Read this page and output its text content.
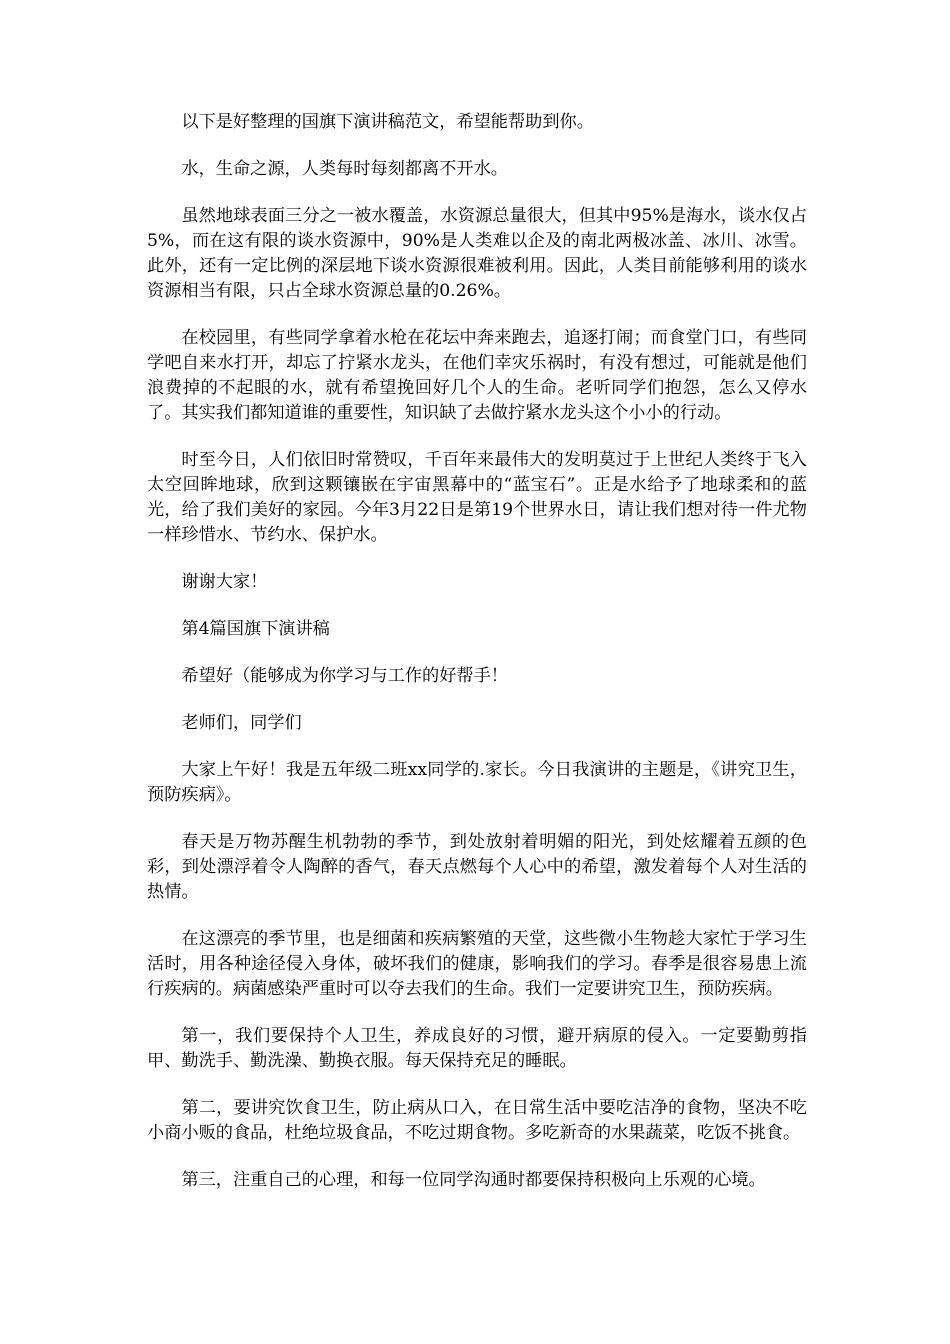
以下是好整理的国旗下演讲稿范文，希望能帮助到你。

水，生命之源，人类每时每刻都离不开水。

虽然地球表面三分之一被水覆盖，水资源总量很大，但其中95%是海水，谈水仅占5%，而在这有限的谈水资源中，90%是人类难以企及的南北两极冰盖、冰川、冰雪。此外，还有一定比例的深层地下谈水资源很难被利用。因此，人类目前能够利用的谈水资源相当有限，只占全球水资源总量的0.26%。

在校园里，有些同学拿着水枪在花坛中奔来跑去，追逐打闹；而食堂门口，有些同学吧自来水打开，却忘了拧紧水龙头，在他们幸灾乐祸时，有没有想过，可能就是他们浪费掉的不起眼的水，就有希望挽回好几个人的生命。老听同学们抱怨，怎么又停水了。其实我们都知道谁的重要性，知识缺了去做拧紧水龙头这个小小的行动。

时至今日，人们依旧时常赞叹，千百年来最伟大的发明莫过于上世纪人类终于飞入太空回眸地球，欣到这颗镶嵌在宇宙黑幕中的“蓝宝石”。正是水给予了地球柔和的蓝光，给了我们美好的家园。今年3月22日是第19个世界水日，请让我们想对待一件尤物一样珍惜水、节约水、保护水。

谢谢大家！

第4篇国旗下演讲稿

希望好（能够成为你学习与工作的好帮手！

老师们，同学们

大家上午好！我是五年级二班xx同学的.家长。今日我演讲的主题是，《讲究卫生，预防疾病》。

春天是万物苏醒生机勃勃的季节，到处放射着明媚的阳光，到处炫耀着五颜的色彩，到处漂浮着令人陶醉的香气，春天点燃每个人心中的希望，激发着每个人对生活的热情。

在这漂亮的季节里，也是细菌和疾病繁殖的天堂，这些微小生物趁大家忙于学习生活时，用各种途径侵入身体，破坏我们的健康，影响我们的学习。春季是很容易患上流行疾病的。病菌感染严重时可以夺去我们的生命。我们一定要讲究卫生，预防疾病。

第一，我们要保持个人卫生，养成良好的习惯，避开病原的侵入。一定要勤剪指甲、勤洗手、勤洗澡、勤换衣服。每天保持充足的睡眠。

第二，要讲究饮食卫生，防止病从口入，在日常生活中要吃洁净的食物，坚决不吃小商小贩的食品，杜绝垃圾食品，不吃过期食物。多吃新奇的水果蔬菜，吃饭不挑食。

第三，注重自己的心理，和每一位同学沟通时都要保持积极向上乐观的心境。
